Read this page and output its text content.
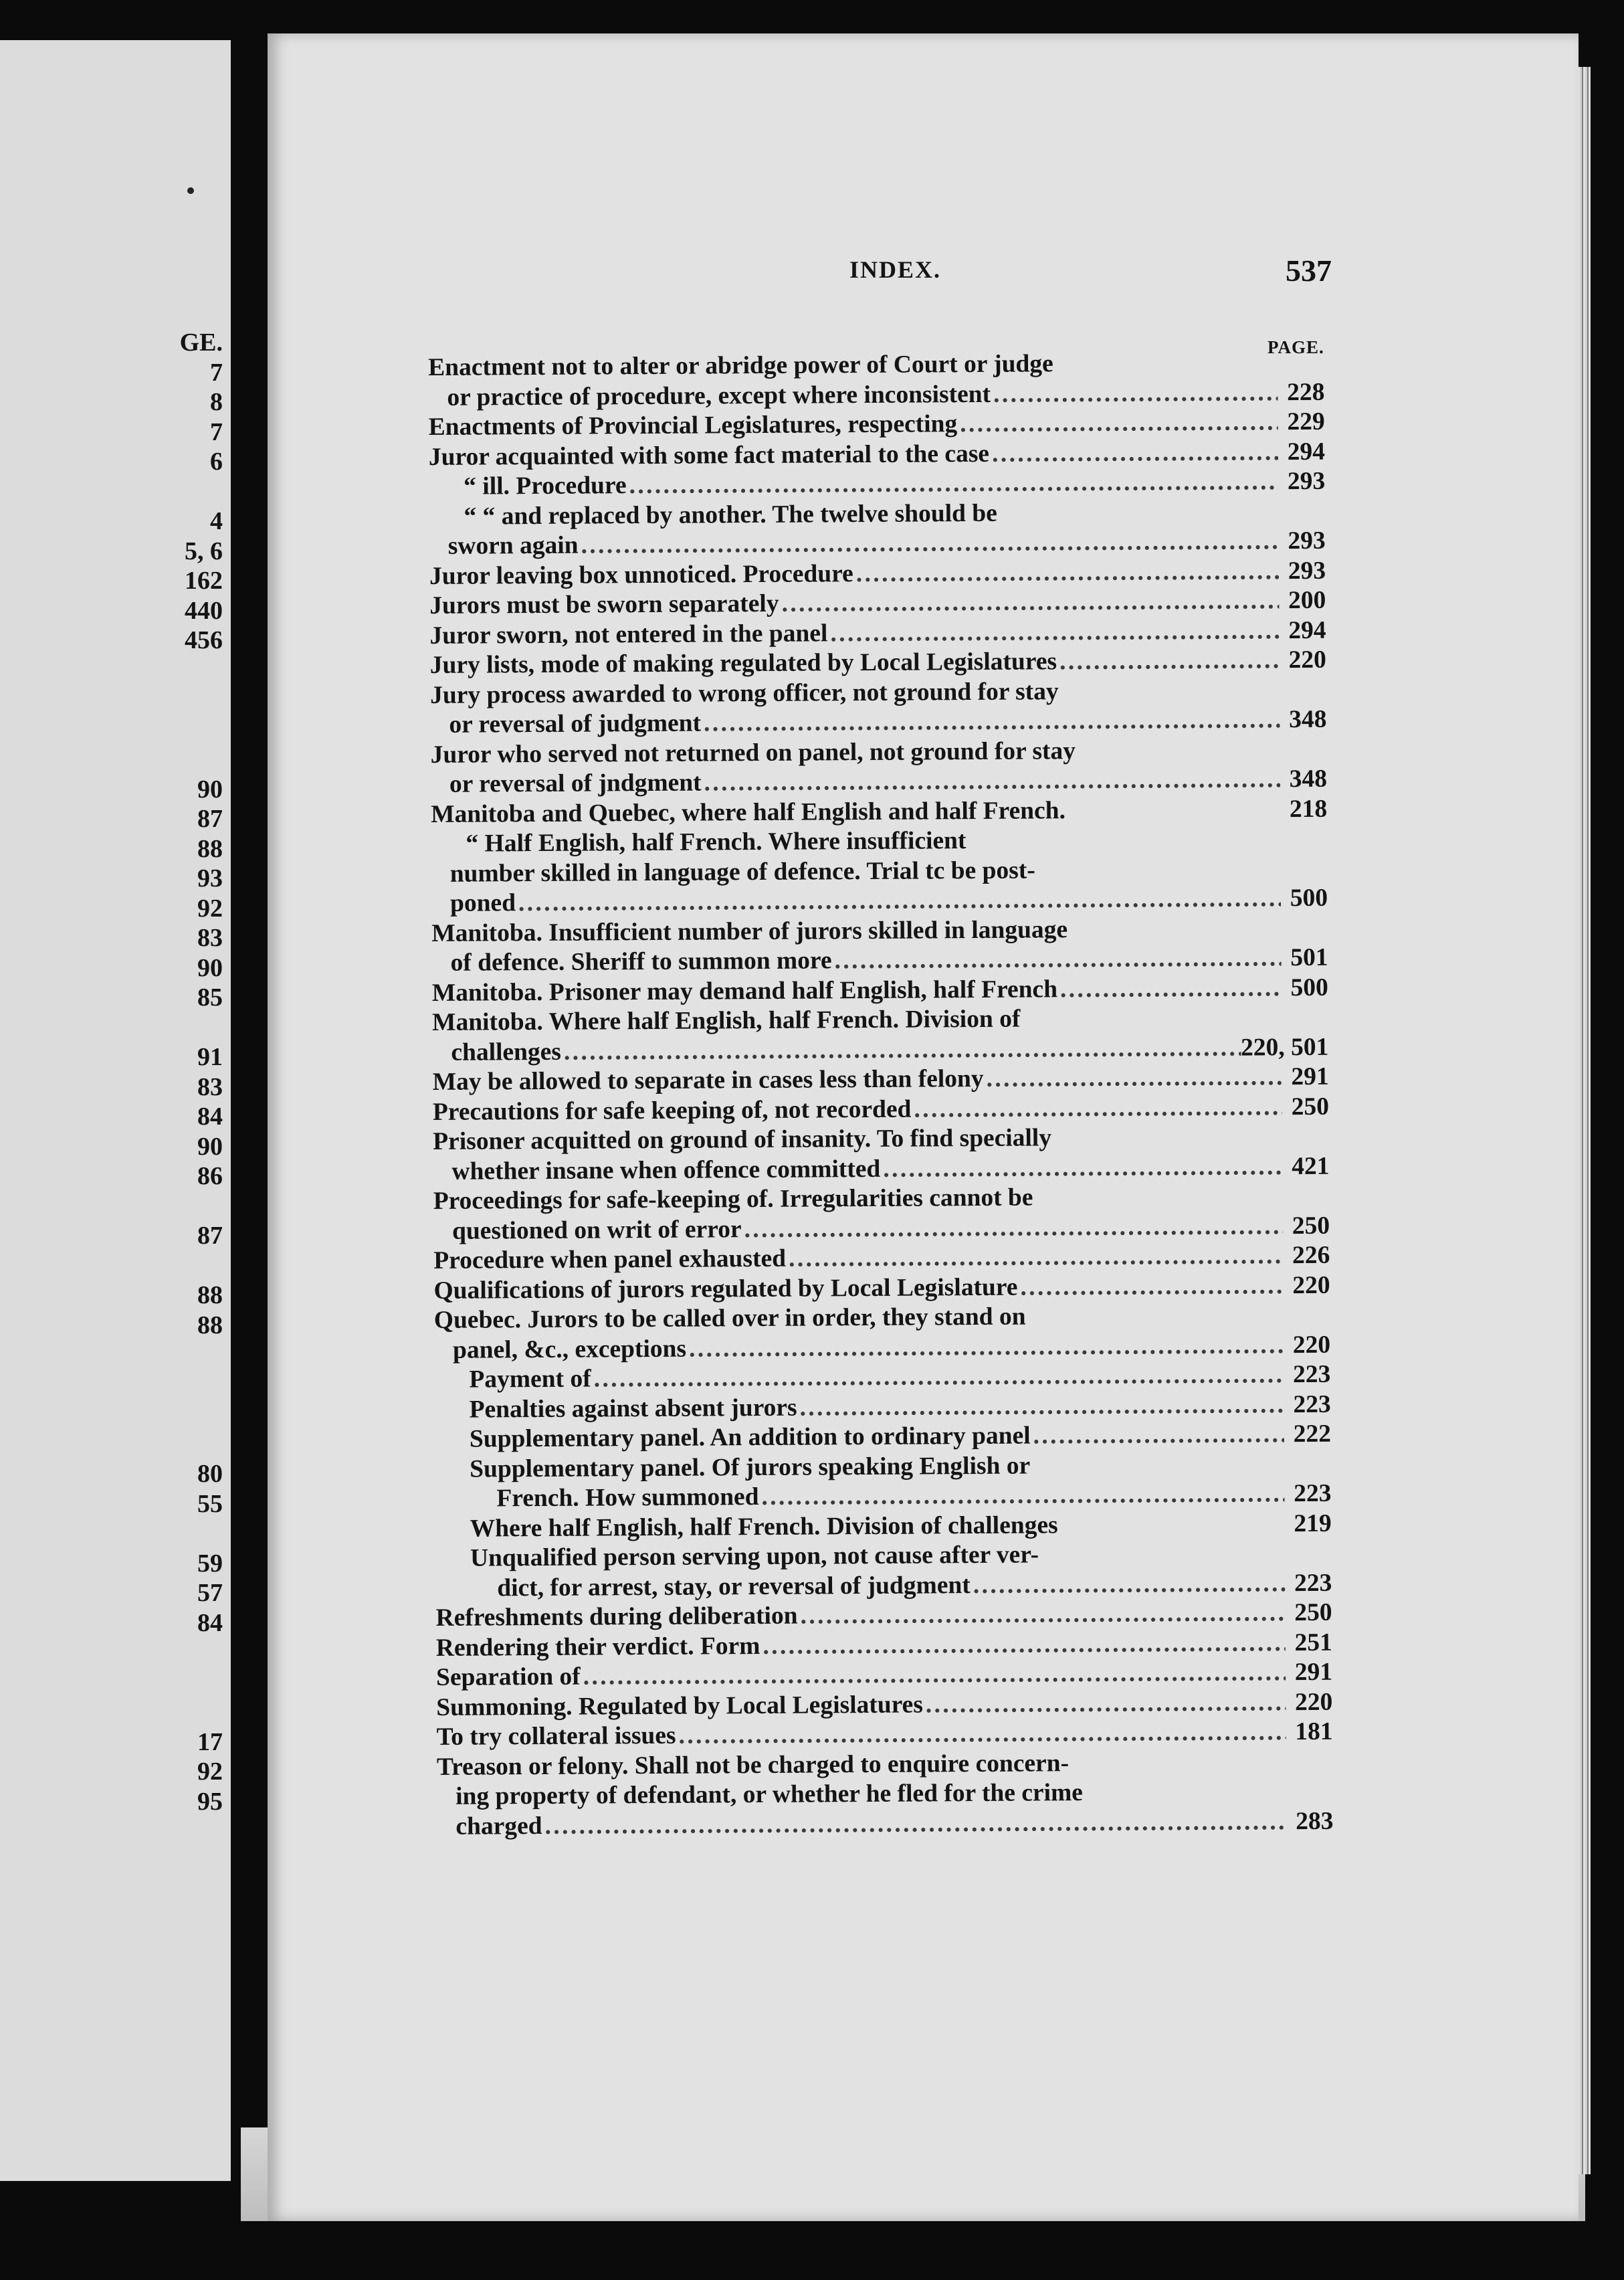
GE.
7
8
7
6
4
5, 6
162
440
456
90
87
88
93
92
83
90
85
91
83
84
90
86
87
88
88
80
55
59
57
84
17
92
95
INDEX.	537
PAGE.
Enactment not to alter or abridge power of Court or judge
or practice of procedure, except where inconsistent . . .	228
Enactments of Provincial Legislatures, respecting . . .	229
Juror acquainted with some fact material to the case . . .	294
“ ill. Procedure . . .	293
“ “ and replaced by another. The twelve should be
sworn again . . .	293
Juror leaving box unnoticed. Procedure . . .	293
Jurors must be sworn separately . . .	200
Juror sworn, not entered in the panel . . .	294
Jury lists, mode of making regulated by Local Legislatures . . .	220
Jury process awarded to wrong officer, not ground for stay
or reversal of judgment . . .	348
Juror who served not returned on panel, not ground for stay
or reversal of jndgment . . .	348
Manitoba and Quebec, where half English and half French.	218
“ Half English, half French. Where insufficient
number skilled in language of defence. Trial tc be post-
poned . . .	500
Manitoba. Insufficient number of jurors skilled in language
of defence. Sheriff to summon more . . .	501
Manitoba. Prisoner may demand half English, half French . . .	500
Manitoba. Where half English, half French. Division of
challenges . . .	220, 501
May be allowed to separate in cases less than felony . . .	291
Precautions for safe keeping of, not recorded . . .	250
Prisoner acquitted on ground of insanity. To find specially
whether insane when offence committed . . .	421
Proceedings for safe-keeping of. Irregularities cannot be
questioned on writ of error . . .	250
Procedure when panel exhausted . . .	226
Qualifications of jurors regulated by Local Legislature . . .	220
Quebec. Jurors to be called over in order, they stand on
panel, &c., exceptions . . .	220
Payment of . . .	223
Penalties against absent jurors . . .	223
Supplementary panel. An addition to ordinary panel . . .	222
Supplementary panel. Of jurors speaking English or
French. How summoned . . .	223
Where half English, half French. Division of challenges	219
Unqualified person serving upon, not cause after ver-
dict, for arrest, stay, or reversal of judgment . . .	223
Refreshments during deliberation . . .	250
Rendering their verdict. Form . . .	251
Separation of . . .	291
Summoning. Regulated by Local Legislatures . . .	220
To try collateral issues . . .	181
Treason or felony. Shall not be charged to enquire concern-
ing property of defendant, or whether he fled for the crime
charged . . .	283
